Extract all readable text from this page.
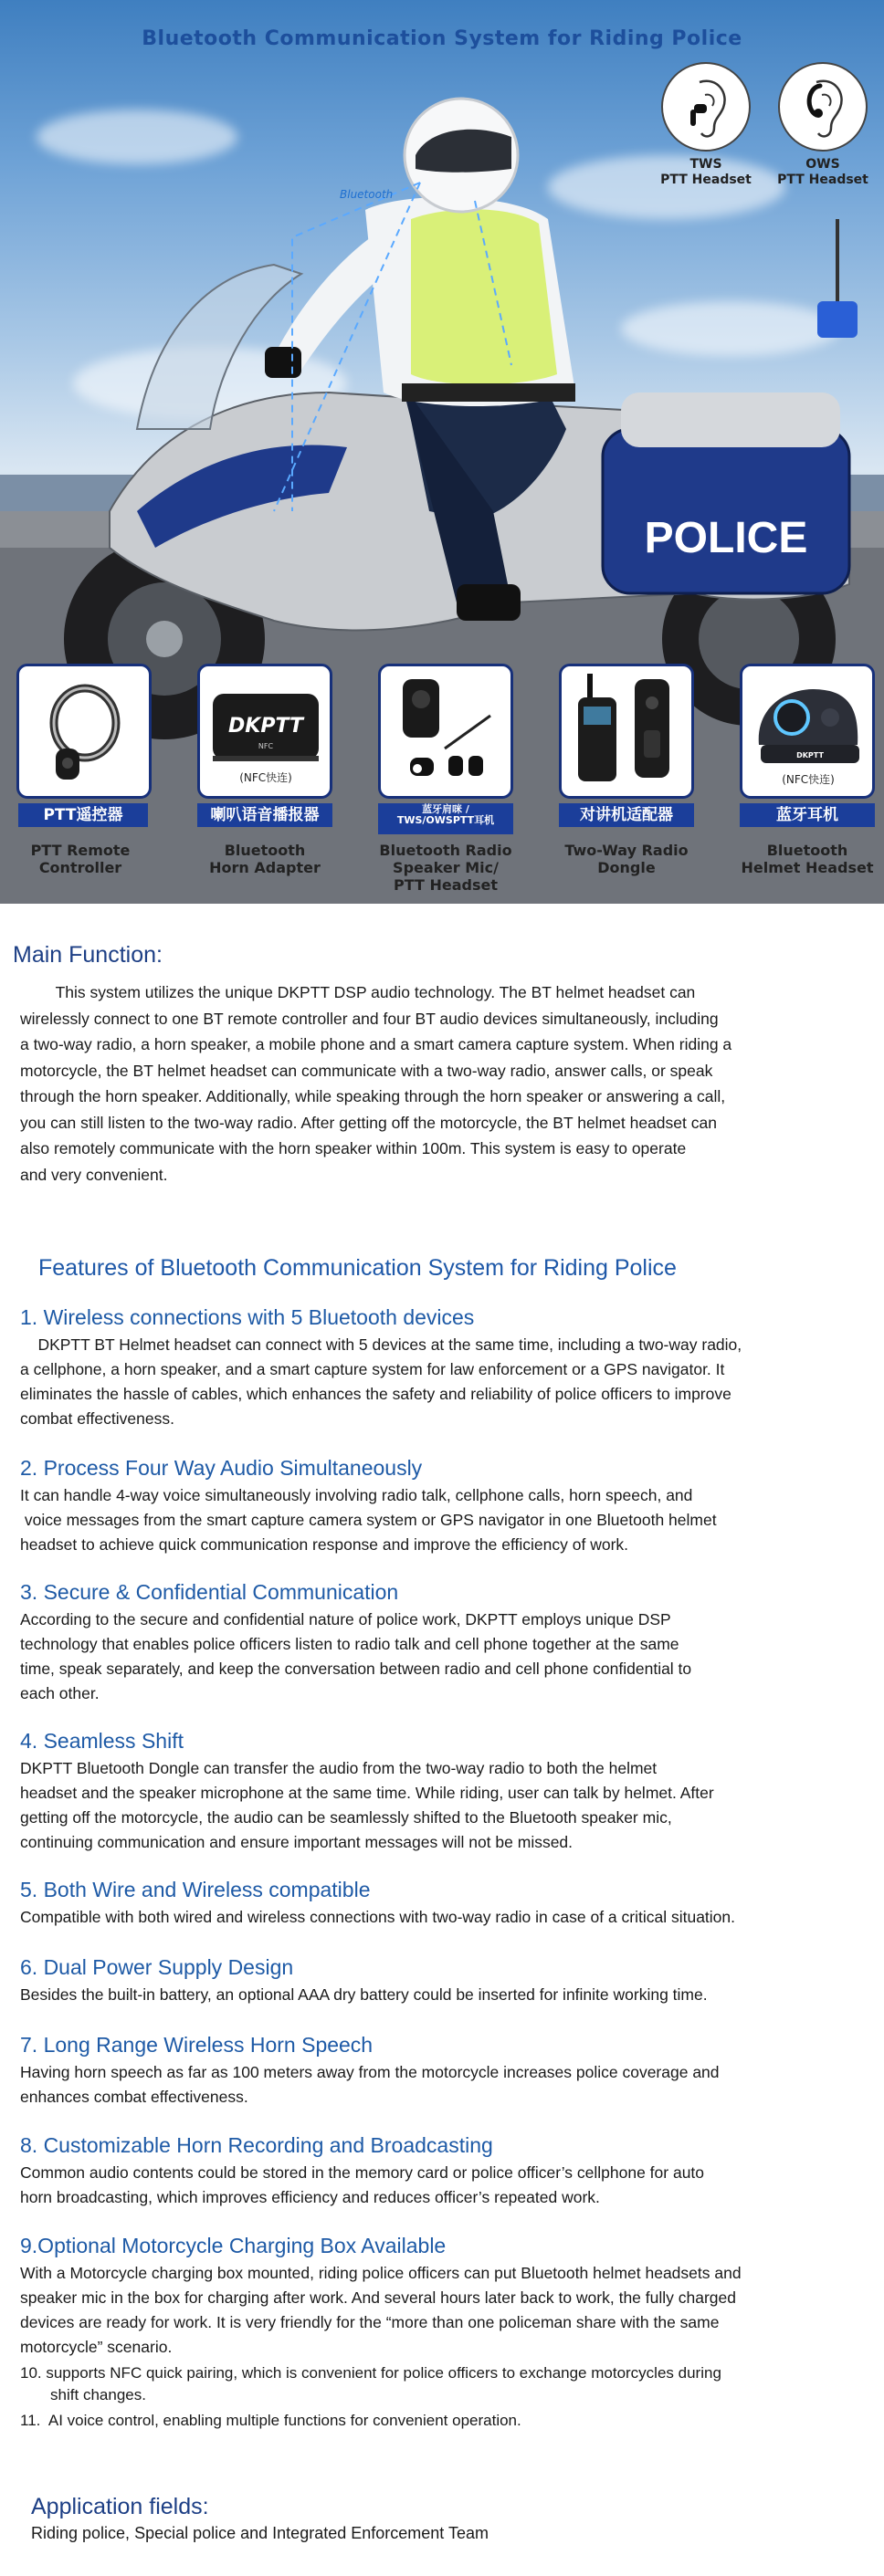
Bluetooth Communication System for Riding Police
TWS
PTT Headset
OWS
PTT Headset
POLICE
Bluetooth
DKPTT
NFC
(NFC快连)
DKPTT
(NFC快连)
PTT遥控器	喇叭语音播报器	蓝牙肩咪 /
TWS/OWSPTT耳机	对讲机适配器	蓝牙耳机
PTT Remote
Controller
Bluetooth
Horn Adapter
Bluetooth Radio
Speaker Mic/
PTT Headset
Two-Way Radio
Dongle
Bluetooth
Helmet Headset
Main Function:
This system utilizes the unique DKPTT DSP audio technology. The BT helmet headset can
wirelessly connect to one BT remote controller and four BT audio devices simultaneously, including
a two-way radio, a horn speaker, a mobile phone and a smart camera capture system. When riding a
motorcycle, the BT helmet headset can communicate with a two-way radio, answer calls, or speak
through the horn speaker. Additionally, while speaking through the horn speaker or answering a call,
you can still listen to the two-way radio. After getting off the motorcycle, the BT helmet headset can
also remotely communicate with the horn speaker within 100m. This system is easy to operate
and very convenient.
Features of Bluetooth Communication System for Riding Police
1. Wireless connections with 5 Bluetooth devices
DKPTT BT Helmet headset can connect with 5 devices at the same time, including a two-way radio,
a cellphone, a horn speaker, and a smart capture system for law enforcement or a GPS navigator. It
eliminates the hassle of cables, which enhances the safety and reliability of police officers to improve
combat effectiveness.
2. Process Four Way Audio Simultaneously
It can handle 4-way voice simultaneously involving radio talk, cellphone calls, horn speech, and
voice messages from the smart capture camera system or GPS navigator in one Bluetooth helmet
headset to achieve quick communication response and improve the efficiency of work.
3. Secure & Confidential Communication
According to the secure and confidential nature of police work, DKPTT employs unique DSP
technology that enables police officers listen to radio talk and cell phone together at the same
time, speak separately, and keep the conversation between radio and cell phone confidential to
each other.
4. Seamless Shift
DKPTT Bluetooth Dongle can transfer the audio from the two-way radio to both the helmet
headset and the speaker microphone at the same time. While riding, user can talk by helmet. After
getting off the motorcycle, the audio can be seamlessly shifted to the Bluetooth speaker mic,
continuing communication and ensure important messages will not be missed.
5. Both Wire and Wireless compatible
Compatible with both wired and wireless connections with two-way radio in case of a critical situation.
6. Dual Power Supply Design
Besides the built-in battery, an optional AAA dry battery could be inserted for infinite working time.
7. Long Range Wireless Horn Speech
Having horn speech as far as 100 meters away from the motorcycle increases police coverage and
enhances combat effectiveness.
8. Customizable Horn Recording and Broadcasting
Common audio contents could be stored in the memory card or police officer’s cellphone for auto
horn broadcasting, which improves efficiency and reduces officer’s repeated work.
9.Optional Motorcycle Charging Box Available
With a Motorcycle charging box mounted, riding police officers can put Bluetooth helmet headsets and
speaker mic in the box for charging after work. And several hours later back to work, the fully charged
devices are ready for work. It is very friendly for the “more than one policeman share with the same
motorcycle” scenario.
10. supports NFC quick pairing, which is convenient for police officers to exchange motorcycles during
shift changes.
11.  AI voice control, enabling multiple functions for convenient operation.
Application fields:
Riding police, Special police and Integrated Enforcement Team
